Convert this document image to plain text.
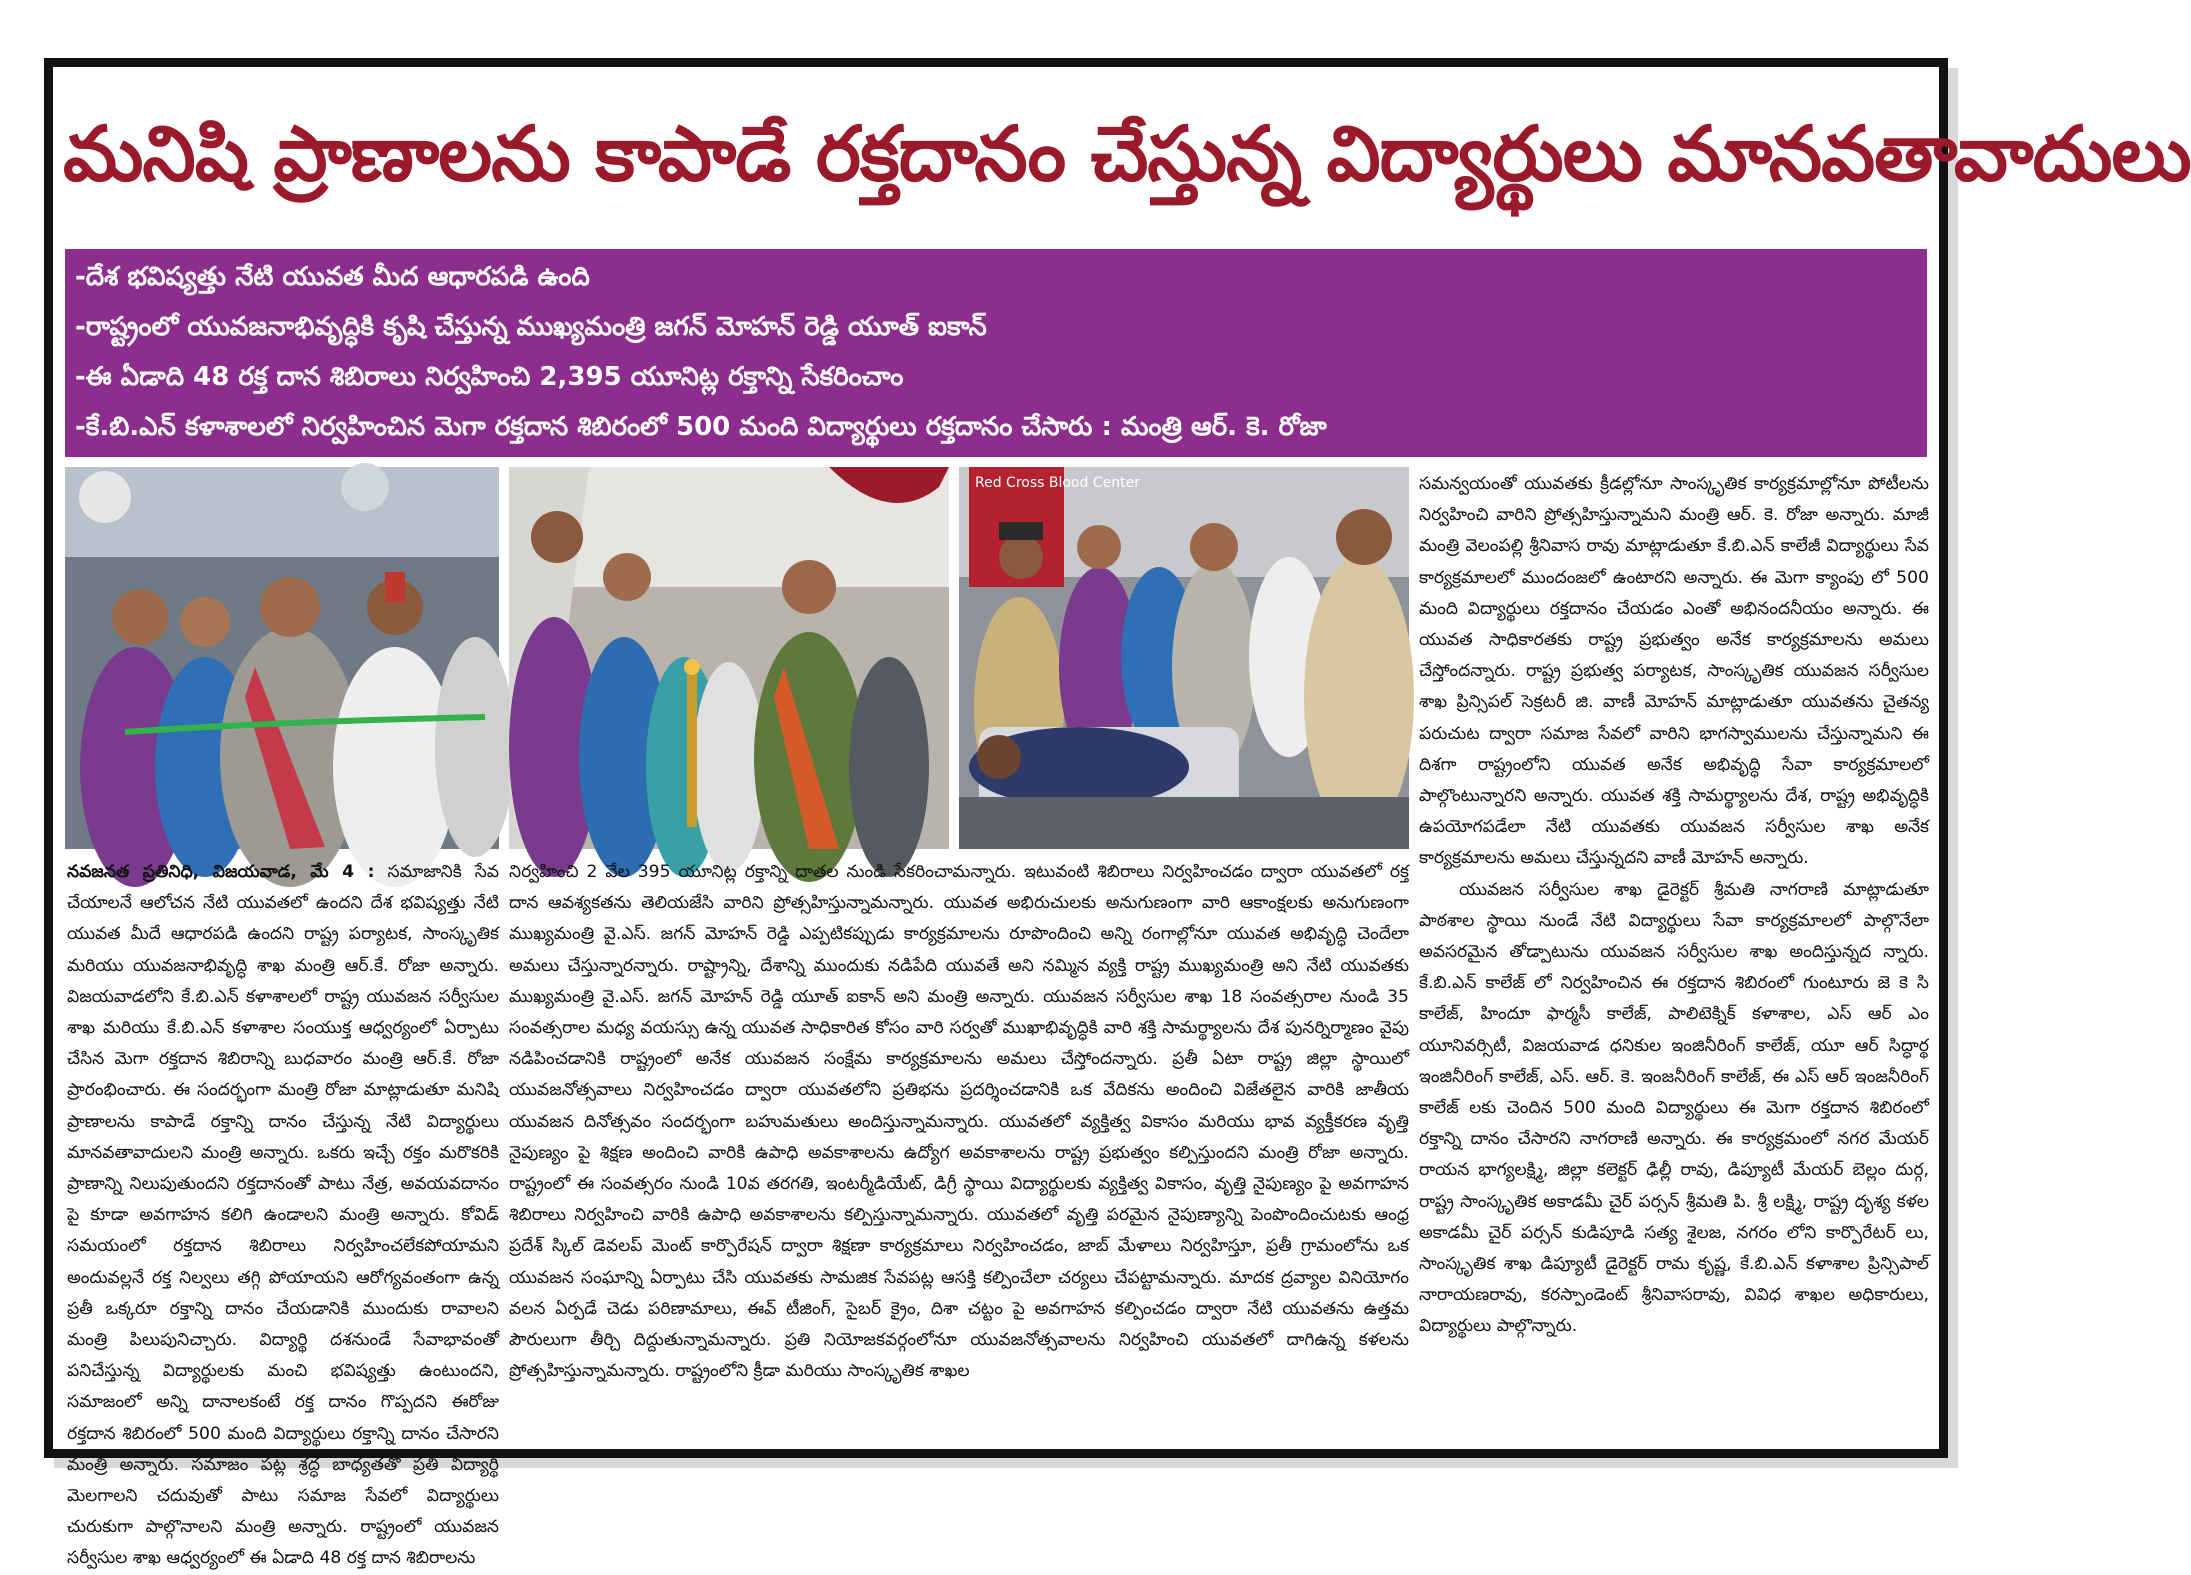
మనిషి ప్రాణాలను కాపాడే రక్తదానం చేస్తున్న విద్యార్థులు మానవతావాదులు
-దేశ భవిష్యత్తు నేటి యువత మీద ఆధారపడి ఉంది
-రాష్ట్రంలో యువజనాభివృద్ధికి కృషి చేస్తున్న ముఖ్యమంత్రి జగన్ మోహన్ రెడ్డి యూత్ ఐకాన్
-ఈ ఏడాది 48 రక్త దాన శిబిరాలు నిర్వహించి 2,395 యూనిట్ల రక్తాన్ని సేకరించాం
-కే.బి.ఎన్ కళాశాలలో నిర్వహించిన మెగా రక్తదాన శిబిరంలో 500 మంది విద్యార్థులు రక్తదానం చేసారు : మంత్రి ఆర్. కె. రోజా
Red Cross Blood Center

నవజనత ప్రతినిధి, విజయవాడ, మే 4 : సమాజానికి సేవ చేయాలనే ఆలోచన నేటి యువతలో ఉందని దేశ భవిష్యత్తు నేటి యువత మీదే ఆధారపడి ఉందని రాష్ట్ర పర్యాటక, సాంస్కృతిక మరియు యువజనాభివృద్ధి శాఖ మంత్రి ఆర్.కే. రోజా అన్నారు. విజయవాడలోని కే.బి.ఎన్ కళాశాలలో రాష్ట్ర యువజన సర్వీసుల శాఖ మరియు కే.బి.ఎన్ కళాశాల సంయుక్త ఆధ్వర్యంలో ఏర్పాటు చేసిన మెగా రక్తదాన శిబిరాన్ని బుధవారం మంత్రి ఆర్.కే. రోజా ప్రారంభించారు. ఈ సందర్భంగా మంత్రి రోజా మాట్లాడుతూ మనిషి ప్రాణాలను కాపాడే రక్తాన్ని దానం చేస్తున్న నేటి విద్యార్థులు మానవతావాదులని మంత్రి అన్నారు. ఒకరు ఇచ్చే రక్తం మరొకరికి ప్రాణాన్ని నిలుపుతుందని రక్తదానంతో పాటు నేత్ర, అవయవదానం పై కూడా అవగాహన కలిగి ఉండాలని మంత్రి అన్నారు. కోవిడ్ సమయంలో రక్తదాన శిబిరాలు నిర్వహించలేకపోయామని అందువల్లనే రక్త నిల్వలు తగ్గి పోయాయని ఆరోగ్యవంతంగా ఉన్న ప్రతీ ఒక్కరూ రక్తాన్ని దానం చేయడానికి ముందుకు రావాలని మంత్రి పిలుపునిచ్చారు. విద్యార్థి దశనుండే సేవాభావంతో పనిచేస్తున్న విద్యార్థులకు మంచి భవిష్యత్తు ఉంటుందని, సమాజంలో అన్ని దానాలకంటే రక్త దానం గొప్పదని ఈరోజు రక్తదాన శిబిరంలో 500 మంది విద్యార్థులు రక్తాన్ని దానం చేసారని మంత్రి అన్నారు. సమాజం పట్ల శ్రద్ధ బాధ్యతతో ప్రతి విద్యార్థి మెలగాలని చదువుతో పాటు సమాజ సేవలో విద్యార్థులు చురుకుగా పాల్గొనాలని మంత్రి అన్నారు. రాష్ట్రంలో యువజన సర్వీసుల శాఖ ఆధ్వర్యంలో ఈ ఏడాది 48 రక్త దాన శిబిరాలను

నిర్వహించి 2 వేల 395 యూనిట్ల రక్తాన్ని దాతల నుండి సేకరించామన్నారు. ఇటువంటి శిబిరాలు నిర్వహించడం ద్వారా యువతలో రక్త దాన ఆవశ్యకతను తెలియజేసి వారిని ప్రోత్సహిస్తున్నామన్నారు. యువత అభిరుచులకు అనుగుణంగా వారి ఆకాంక్షలకు అనుగుణంగా ముఖ్యమంత్రి వై.ఎస్. జగన్ మోహన్ రెడ్డి ఎప్పటికప్పుడు కార్యక్రమాలను రూపొందించి అన్ని రంగాల్లోనూ యువత అభివృద్ధి చెందేలా అమలు చేస్తున్నారన్నారు. రాష్ట్రాన్ని, దేశాన్ని ముందుకు నడిపేది యువతే అని నమ్మిన వ్యక్తి రాష్ట్ర ముఖ్యమంత్రి అని నేటి యువతకు ముఖ్యమంత్రి వై.ఎస్. జగన్ మోహన్ రెడ్డి యూత్ ఐకాన్ అని మంత్రి అన్నారు. యువజన సర్వీసుల శాఖ 18 సంవత్సరాల నుండి 35 సంవత్సరాల మధ్య వయస్సు ఉన్న యువత సాధికారిత కోసం వారి సర్వతో ముఖాభివృద్ధికి వారి శక్తి సామర్థ్యాలను దేశ పునర్నిర్మాణం వైపు నడిపించడానికి రాష్ట్రంలో అనేక యువజన సంక్షేమ కార్యక్రమాలను అమలు చేస్తోందన్నారు. ప్రతీ ఏటా రాష్ట్ర జిల్లా స్థాయిలో యువజనోత్సవాలు నిర్వహించడం ద్వారా యువతలోని ప్రతిభను ప్రదర్శించడానికి ఒక వేదికను అందించి విజేతలైన వారికి జాతీయ యువజన దినోత్సవం సందర్భంగా బహుమతులు అందిస్తున్నామన్నారు. యువతలో వ్యక్తిత్వ వికాసం మరియు భావ వ్యక్తీకరణ వృత్తి నైపుణ్యం పై శిక్షణ అందించి వారికి ఉపాధి అవకాశాలను ఉద్యోగ అవకాశాలను రాష్ట్ర ప్రభుత్వం కల్పిస్తుందని మంత్రి రోజా అన్నారు. రాష్ట్రంలో ఈ సంవత్సరం నుండి 10వ తరగతి, ఇంటర్మీడియేట్, డిగ్రీ స్థాయి విద్యార్థులకు వ్యక్తిత్వ వికాసం, వృత్తి నైపుణ్యం పై అవగాహన శిబిరాలు నిర్వహించి వారికి ఉపాధి అవకాశాలను కల్పిస్తున్నామన్నారు. యువతలో వృత్తి పరమైన నైపుణ్యాన్ని పెంపొందించుటకు ఆంధ్ర ప్రదేశ్ స్కిల్ డెవలప్ మెంట్ కార్పొరేషన్ ద్వారా శిక్షణా కార్యక్రమాలు నిర్వహించడం, జాబ్ మేళాలు నిర్వహిస్తూ, ప్రతీ గ్రామంలోను ఒక యువజన సంఘాన్ని ఏర్పాటు చేసి యువతకు సామజిక సేవపట్ల ఆసక్తి కల్పించేలా చర్యలు చేపట్టామన్నారు. మాదక ద్రవ్యాల వినియోగం వలన ఏర్పడే చెడు పరిణామాలు, ఈవ్ టీజింగ్, సైబర్ క్రైం, దిశా చట్టం పై అవగాహన కల్పించడం ద్వారా నేటి యువతను ఉత్తమ పౌరులుగా తీర్చి దిద్దుతున్నామన్నారు. ప్రతి నియోజకవర్గంలోనూ యువజనోత్సవాలను నిర్వహించి యువతలో దాగిఉన్న కళలను ప్రోత్సహిస్తున్నామన్నారు. రాష్ట్రంలోని క్రీడా మరియు సాంస్కృతిక శాఖల

సమన్వయంతో యువతకు క్రీడల్లోనూ సాంస్కృతిక కార్యక్రమాల్లోనూ పోటీలను నిర్వహించి వారిని ప్రోత్సహిస్తున్నామని మంత్రి ఆర్. కె. రోజా అన్నారు. మాజీ మంత్రి వెలంపల్లి శ్రీనివాస రావు మాట్లాడుతూ కే.బి.ఎన్ కాలేజీ విద్యార్థులు సేవ కార్యక్రమాలలో ముందంజలో ఉంటారని అన్నారు. ఈ మెగా క్యాంపు లో 500 మంది విద్యార్థులు రక్తదానం చేయడం ఎంతో అభినందనీయం అన్నారు. ఈ యువత సాధికారతకు రాష్ట్ర ప్రభుత్వం అనేక కార్యక్రమాలను అమలు చేస్తోందన్నారు. రాష్ట్ర ప్రభుత్వ పర్యాటక, సాంస్కృతిక యువజన సర్వీసుల శాఖ ప్రిన్సిపల్ సెక్రటరీ జి. వాణీ మోహన్ మాట్లాడుతూ యువతను చైతన్య పరుచుట ద్వారా సమాజ సేవలో వారిని భాగస్వాములను చేస్తున్నామని ఈ దిశగా రాష్ట్రంలోని యువత అనేక అభివృద్ధి సేవా కార్యక్రమాలలో పాల్గొంటున్నారని అన్నారు. యువత శక్తి సామర్థ్యాలను దేశ, రాష్ట్ర అభివృద్ధికి ఉపయోగపడేలా నేటి యువతకు యువజన సర్వీసుల శాఖ అనేక కార్యక్రమాలను అమలు చేస్తున్నదని వాణీ మోహన్ అన్నారు.

యువజన సర్వీసుల శాఖ డైరెక్టర్ శ్రీమతి నాగరాణి మాట్లాడుతూ పాఠశాల స్థాయి నుండే నేటి విద్యార్థులు సేవా కార్యక్రమాలలో పాల్గొనేలా అవసరమైన తోడ్పాటును యువజన సర్వీసుల శాఖ అందిస్తున్నద న్నారు. కే.బి.ఎన్ కాలేజ్ లో నిర్వహించిన ఈ రక్తదాన శిబిరంలో గుంటూరు జె కె సి కాలేజ్, హిందూ ఫార్మసీ కాలేజ్, పాలిటెక్నిక్ కళాశాల, ఎస్ ఆర్ ఎం యూనివర్సిటీ, విజయవాడ ధనికుల ఇంజినీరింగ్ కాలేజ్, యూ ఆర్ సిద్ధార్థ ఇంజినీరింగ్ కాలేజ్, ఎస్. ఆర్. కె. ఇంజనీరింగ్ కాలేజ్, ఈ ఎస్ ఆర్ ఇంజనీరింగ్ కాలేజ్ లకు చెందిన 500 మంది విద్యార్థులు ఈ మెగా రక్తదాన శిబిరంలో రక్తాన్ని దానం చేసారని నాగరాణి అన్నారు. ఈ కార్యక్రమంలో నగర మేయర్ రాయన భాగ్యలక్ష్మి, జిల్లా కలెక్టర్ ఢిల్లీ రావు, డిప్యూటీ మేయర్ బెల్లం దుర్గ, రాష్ట్ర సాంస్కృతిక అకాడమీ చైర్ పర్సన్ శ్రీమతి పి. శ్రీ లక్ష్మి, రాష్ట్ర దృశ్య కళల అకాడమీ చైర్ పర్సన్ కుడిపూడి సత్య శైలజ, నగరం లోని కార్పొరేటర్ లు, సాంస్కృతిక శాఖ డిప్యూటీ డైరెక్టర్ రామ కృష్ణ, కే.బి.ఎన్ కళాశాల ప్రిన్సిపాల్ నారాయణరావు, కరస్పాండెంట్ శ్రీనివాసరావు, వివిధ శాఖల అధికారులు, విద్యార్థులు పాల్గొన్నారు.
